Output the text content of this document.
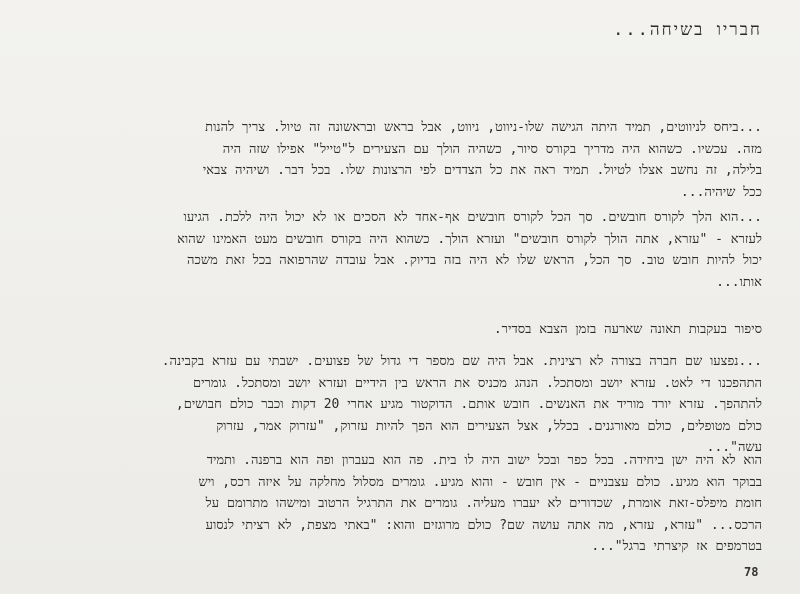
חבריו בשיחה...
...ביחס לניווטים, תמיד היתה הגישה שלו-ניווט, ניווט, אבל בראש ובראשונה זה טיול. צריך להנות
מזה. עכשיו. כשהוא היה מדריך בקורס סיור, כשהיה הולך עם הצעירים ל"טייל" אפילו שזה היה
בלילה, זה נחשב אצלו לטיול. תמיד ראה את כל הצדדים לפי הרצונות שלו. בכל דבר. ושיהיה צבאי
ככל שיהיה...
...הוא הלך לקורס חובשים. סך הכל לקורס חובשים אף-אחד לא הסכים או לא יכול היה ללכת. הגיעו
לעזרא - "עזרא, אתה הולך לקורס חובשים" ועזרא הולך. כשהוא היה בקורס חובשים מעט האמינו שהוא
יכול להיות חובש טוב. סך הכל, הראש שלו לא היה בזה בדיוק. אבל עובדה שהרפואה בכל זאת משכה
אותו...
סיפור בעקבות תאונה שארעה בזמן הצבא בסדיר.
...נפצעו שם חברה בצורה לא רצינית. אבל היה שם מספר די גדול של פצועים. ישבתי עם עזרא בקבינה.
התהפכנו די לאט. עזרא יושב ומסתכל. הנהג מכניס את הראש בין הידיים ועזרא יושב ומסתכל. גומרים
להתהפך. עזרא יורד מוריד את האנשים. חובש אותם. הדוקטור מגיע אחרי 20 דקות וכבר כולם חבושים,
כולם מטופלים, כולם מאורגנים. בכלל, אצל הצעירים הוא הפך להיות עזרוק, "עזרוק אמר, עזרוק
עשה"...
הוא לא היה ישן ביחידה. בכל כפר ובכל ישוב היה לו בית. פה הוא בעברון ופה הוא ברפנה. ותמיד
בבוקר הוא מגיע. כולם עצבניים - אין חובש - והוא מגיע. גומרים מסלול מחלקה על איזה רכס, ויש
חומת מיפלס-זאת אומרת, שכדורים לא יעברו מעליה. גומרים את התרגיל הרטוב ומישהו מתרומם על
הרכס... "עזרא, עזרא, מה אתה עושה שם? כולם מרוגזים והוא: "באתי מצפת, לא רציתי לנסוע
בטרמפים אז קיצרתי ברגל"...
78
